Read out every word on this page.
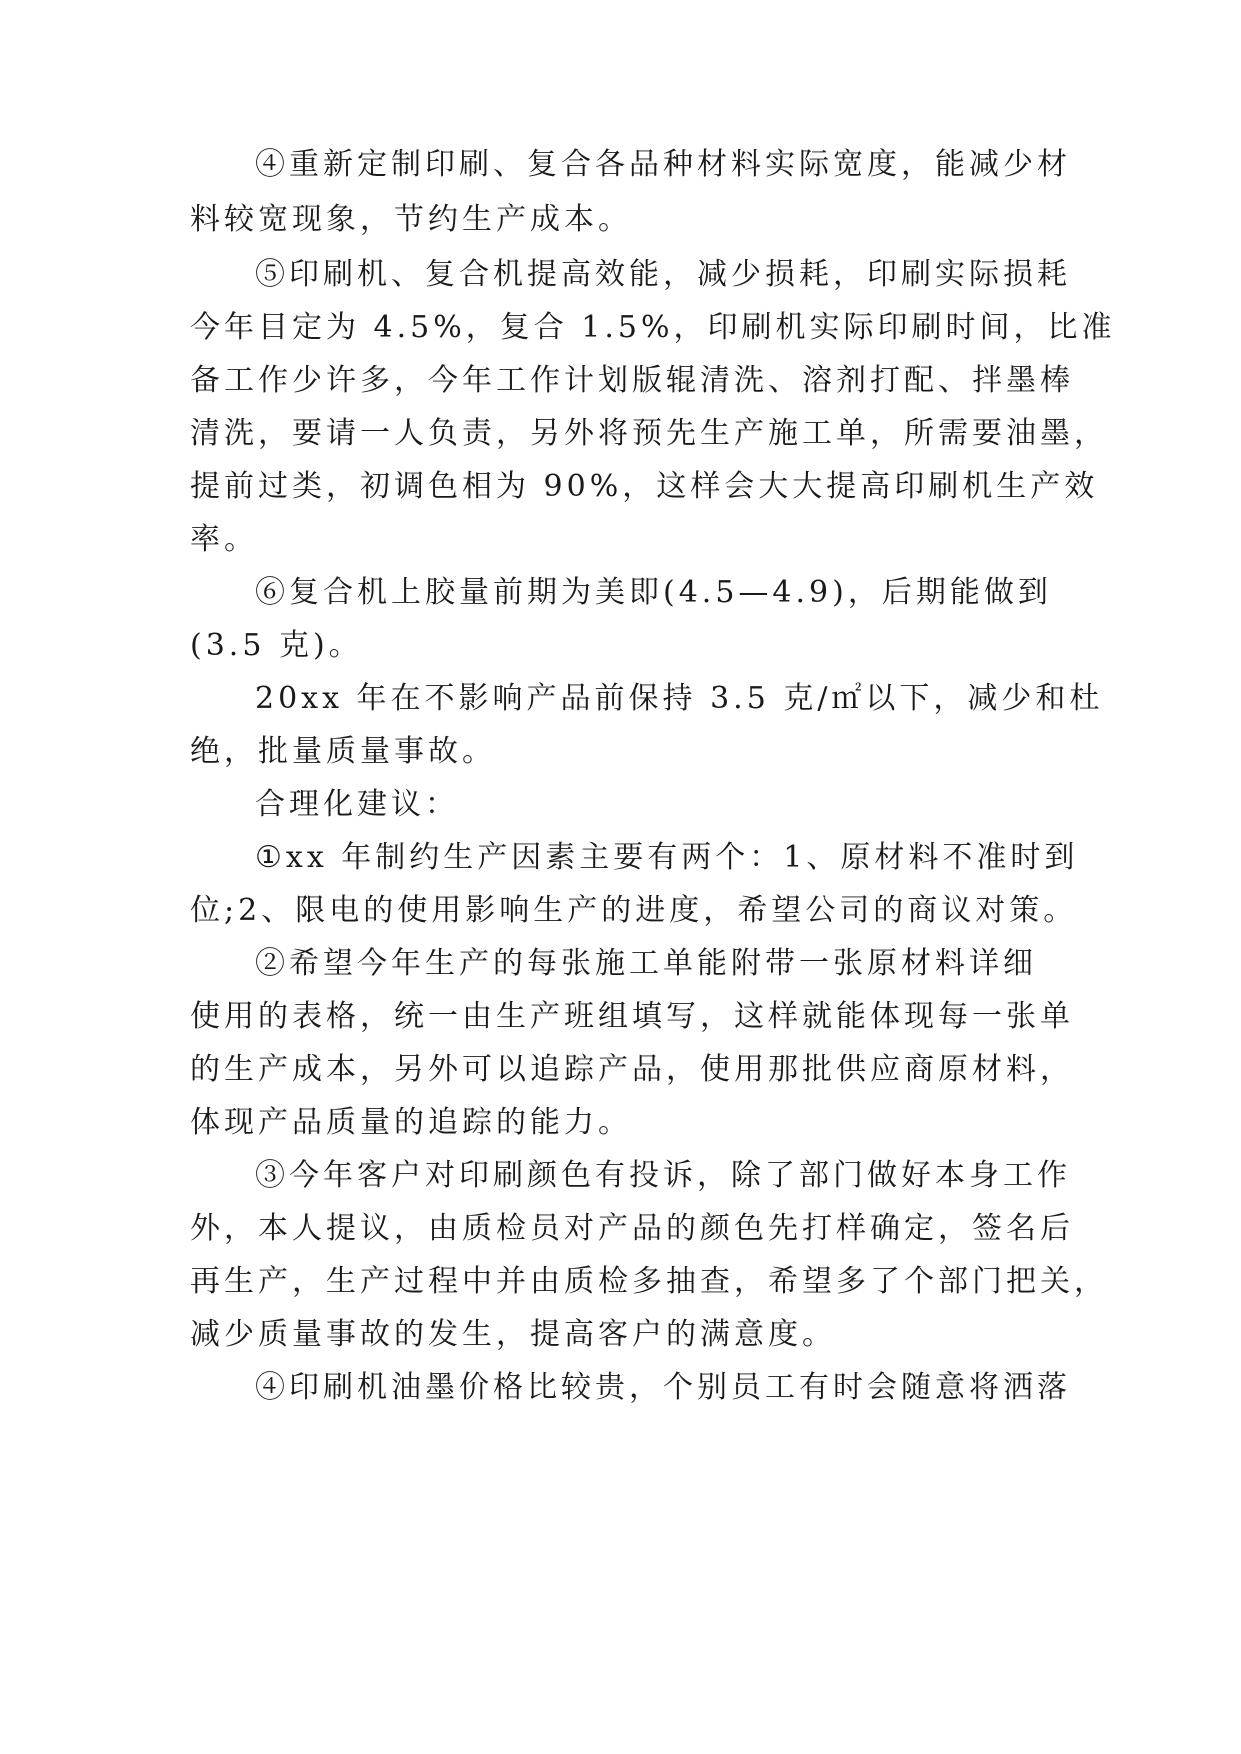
④重新定制印刷、复合各品种材料实际宽度，能减少材
料较宽现象，节约生产成本。
⑤印刷机、复合机提高效能，减少损耗，印刷实际损耗
今年目定为 4.5%，复合 1.5%，印刷机实际印刷时间，比准
备工作少许多，今年工作计划版辊清洗、溶剂打配、拌墨棒
清洗，要请一人负责，另外将预先生产施工单，所需要油墨，
提前过类，初调色相为 90%，这样会大大提高印刷机生产效
率。
⑥复合机上胶量前期为美即(4.5—4.9)，后期能做到
(3.5 克)。
20xx 年在不影响产品前保持 3.5 克/㎡以下，减少和杜
绝，批量质量事故。
合理化建议：
①xx 年制约生产因素主要有两个：1、原材料不准时到
位;2、限电的使用影响生产的进度，希望公司的商议对策。
②希望今年生产的每张施工单能附带一张原材料详细
使用的表格，统一由生产班组填写，这样就能体现每一张单
的生产成本，另外可以追踪产品，使用那批供应商原材料，
体现产品质量的追踪的能力。
③今年客户对印刷颜色有投诉，除了部门做好本身工作
外，本人提议，由质检员对产品的颜色先打样确定，签名后
再生产，生产过程中并由质检多抽查，希望多了个部门把关，
减少质量事故的发生，提高客户的满意度。
④印刷机油墨价格比较贵，个别员工有时会随意将洒落
